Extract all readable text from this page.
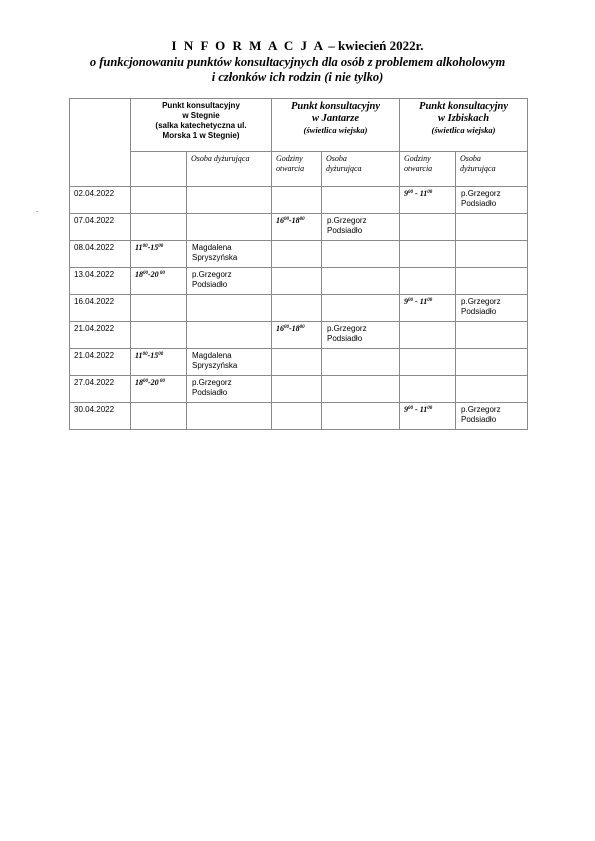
I N F O R M A C J A – kwiecień 2022r.
o funkcjonowaniu punktów konsultacyjnych dla osób z problemem alkoholowym
i członków ich rodzin (i nie tylko)
.

	Punkt konsultacyjny
w Stegnie
(salka katechetyczna ul.
Morska 1 w Stegnie)		Punkt konsultacyjny
w Jantarze
(świetlica wiejska)		Punkt konsultacyjny
w Izbiskach
(świetlica wiejska)	

		Osoba dyżurująca	Godziny
otwarcia	Osoba
dyżurująca	Godziny
otwarcia	Osoba
dyżurująca

02.04.2022					$9^{00} - 11^{00}$	p.Grzegorz
Podsiadło

07.04.2022			$16^{00}-18^{00}$	p.Grzegorz
Podsiadło		

08.04.2022	$11^{00}-15^{00}$	Magdalena
Spryszyńska				

13.04.2022	$18^{00}-20$ $^{00}$	p.Grzegorz
Podsiadło				

16.04.2022					$9^{00} - 11^{00}$	p.Grzegorz
Podsiadło

21.04.2022			$16^{00}-18^{00}$	p.Grzegorz
Podsiadło		

21.04.2022	$11^{00}-15^{00}$	Magdalena
Spryszyńska				

27.04.2022	$18^{00}-20$ $^{00}$	p.Grzegorz
Podsiadło				

30.04.2022					$9^{00} - 11^{00}$	p.Grzegorz
Podsiadło
